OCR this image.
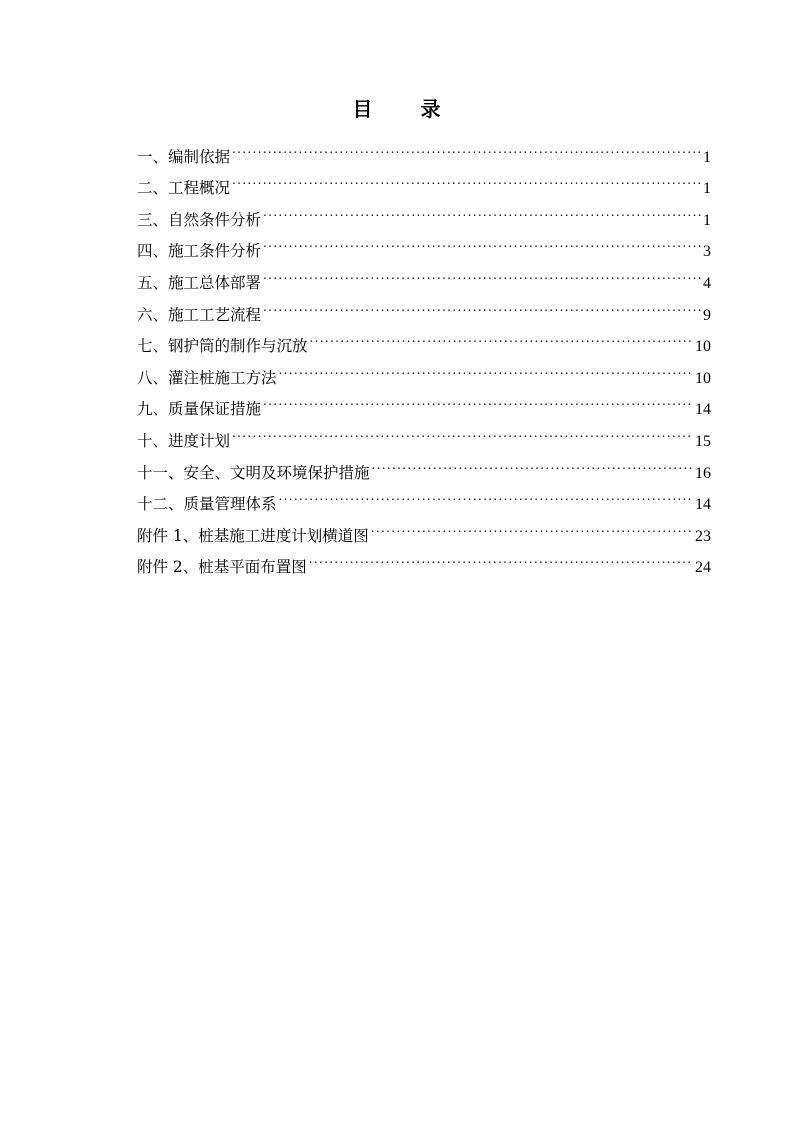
目 录
一、编制依据 .....	1
二、工程概况 .....	1
三、自然条件分析 .....	1
四、施工条件分析 .....	3
五、施工总体部署 .....	4
六、施工工艺流程 .....	9
七、钢护筒的制作与沉放 .....	10
八、灌注桩施工方法 .....	10
九、质量保证措施 .....	14
十、进度计划 .....	15
十一、安全、文明及环境保护措施 .....	16
十二、质量管理体系 .....	14
附件 1、桩基施工进度计划横道图 .....	23
附件 2、桩基平面布置图 .....	24
